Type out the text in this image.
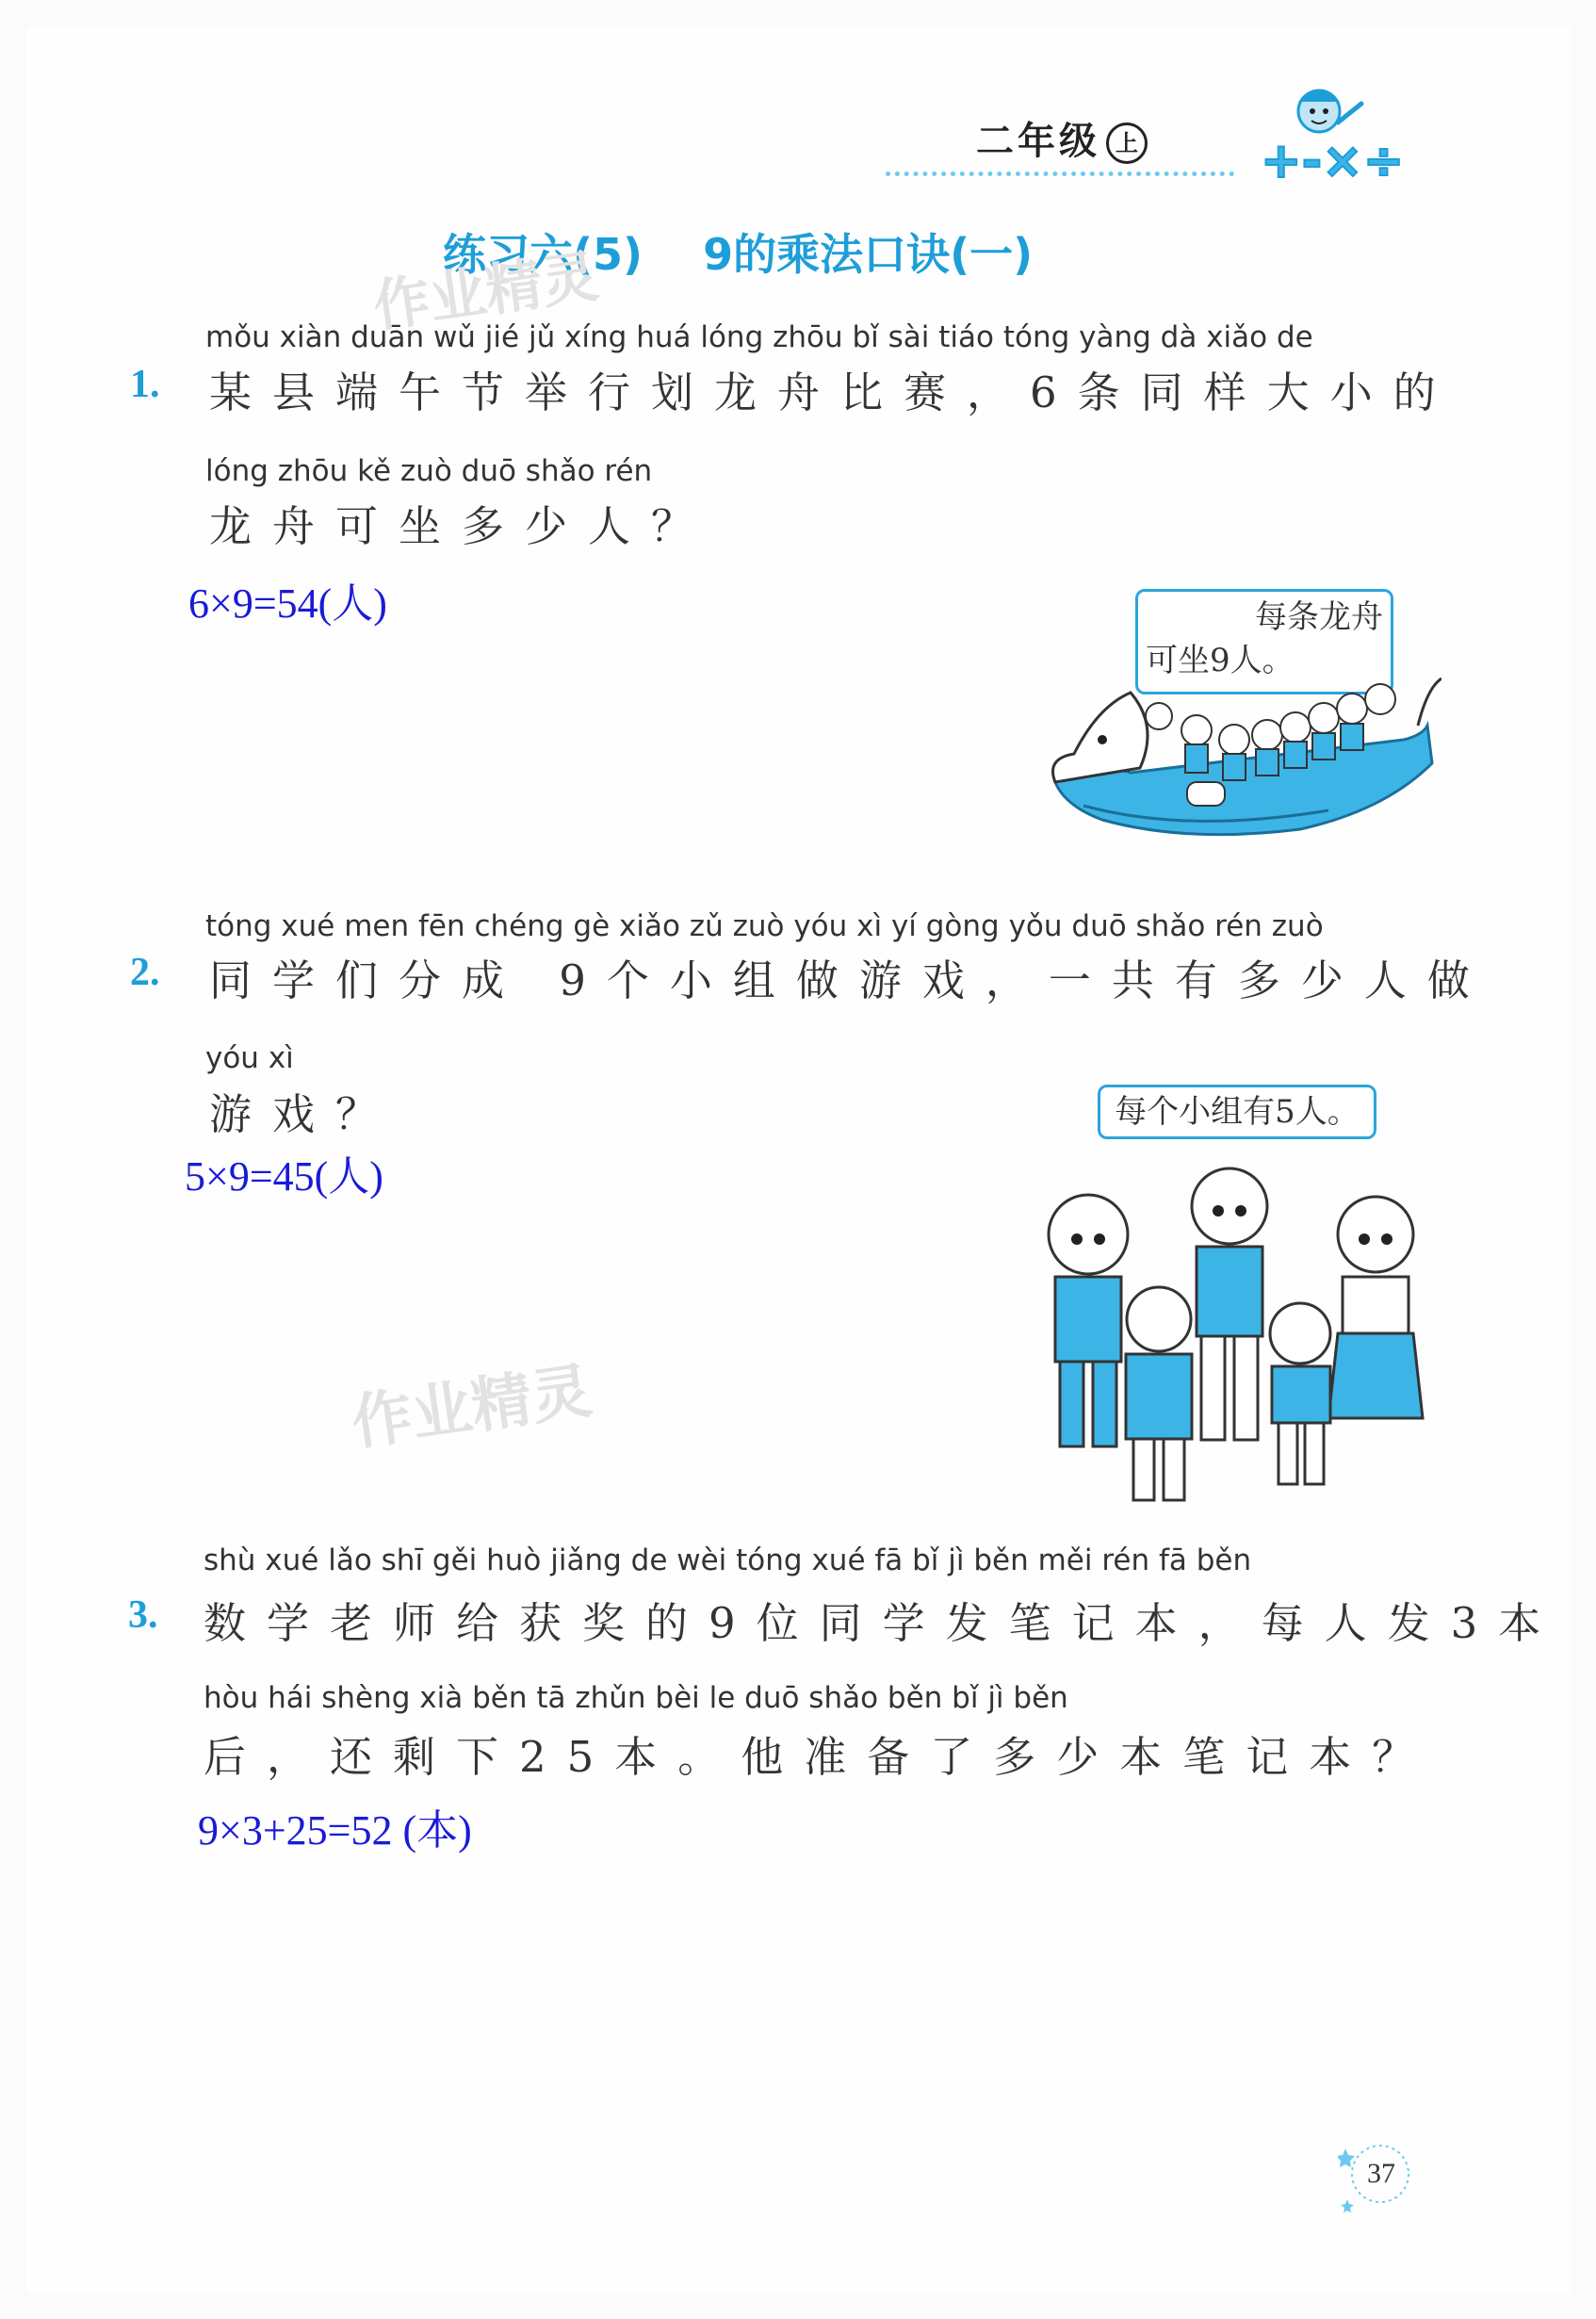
二年级 上	+-×÷
练习六(5)    9的乘法口诀(一)
作业精灵
作业精灵
mǒu xiàn duān wǔ jié jǔ xíng huá lóng zhōu bǐ sài tiáo tóng yàng dà xiǎo de
1. 某县端午节举行划龙舟比赛，6条同样大小的
lóng zhōu kě zuò duō shǎo rén
龙舟可坐多少人？
6×9=54(人)	每条龙舟
可坐9人。
tóng xué men fēn chéng gè xiǎo zǔ zuò yóu xì yí gòng yǒu duō shǎo rén zuò
2. 同学们分成 9个小组做游戏，一共有多少人做
yóu xì
游戏？
5×9=45(人)
每个小组有5人。
shù xué lǎo shī gěi huò jiǎng de wèi tóng xué fā bǐ jì běn měi rén fā běn
3. 数学老师给获奖的9位同学发笔记本，每人发3本
hòu hái shèng xià běn tā zhǔn bèi le duō shǎo běn bǐ jì běn
后，还剩下25本。他准备了多少本笔记本？
9×3+25=52 (本)
37
